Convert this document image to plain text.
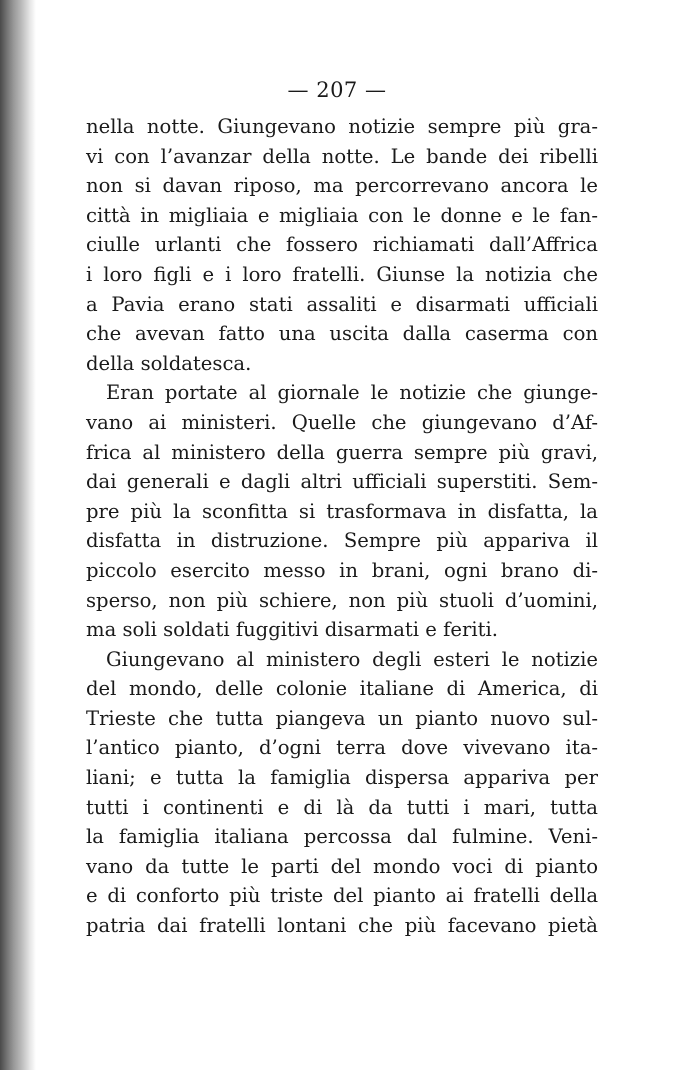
— 207 —
nella notte. Giungevano notizie sempre più gra-
vi con l’avanzar della notte. Le bande dei ribelli
non si davan riposo, ma percorrevano ancora le
città in migliaia e migliaia con le donne e le fan-
ciulle urlanti che fossero richiamati dall’Affrica
i loro figli e i loro fratelli. Giunse la notizia che
a Pavia erano stati assaliti e disarmati ufficiali
che avevan fatto una uscita dalla caserma con
della soldatesca.
Eran portate al giornale le notizie che giunge-
vano ai ministeri. Quelle che giungevano d’Af-
frica al ministero della guerra sempre più gravi,
dai generali e dagli altri ufficiali superstiti. Sem-
pre più la sconfitta si trasformava in disfatta, la
disfatta in distruzione. Sempre più appariva il
piccolo esercito messo in brani, ogni brano di-
sperso, non più schiere, non più stuoli d’uomini,
ma soli soldati fuggitivi disarmati e feriti.
Giungevano al ministero degli esteri le notizie
del mondo, delle colonie italiane di America, di
Trieste che tutta piangeva un pianto nuovo sul-
l’antico pianto, d’ogni terra dove vivevano ita-
liani; e tutta la famiglia dispersa appariva per
tutti i continenti e di là da tutti i mari, tutta
la famiglia italiana percossa dal fulmine. Veni-
vano da tutte le parti del mondo voci di pianto
e di conforto più triste del pianto ai fratelli della
patria dai fratelli lontani che più facevano pietà
